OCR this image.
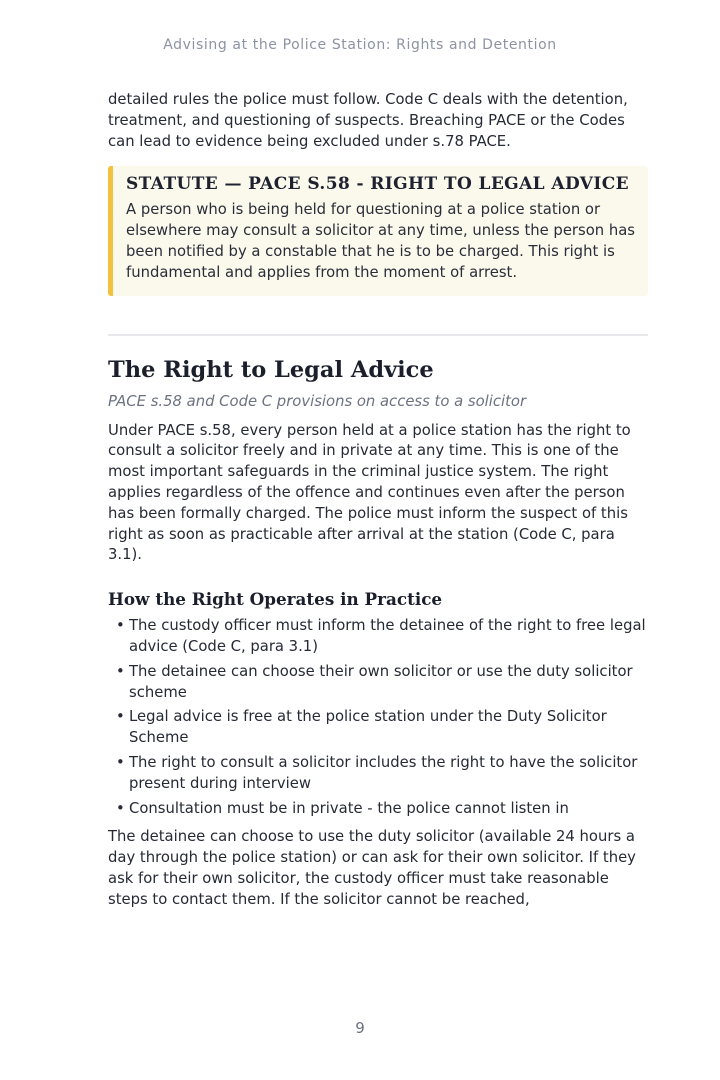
Advising at the Police Station: Rights and Detention

detailed rules the police must follow. Code C deals with the detention, treatment, and questioning of suspects. Breaching PACE or the Codes can lead to evidence being excluded under s.78 PACE.

STATUTE — PACE S.58 - RIGHT TO LEGAL ADVICE

A person who is being held for questioning at a police station or elsewhere may consult a solicitor at any time, unless the person has been notified by a constable that he is to be charged. This right is fundamental and applies from the moment of arrest.

The Right to Legal Advice
PACE s.58 and Code C provisions on access to a solicitor

Under PACE s.58, every person held at a police station has the right to consult a solicitor freely and in private at any time. This is one of the most important safeguards in the criminal justice system. The right applies regardless of the offence and continues even after the person has been formally charged. The police must inform the suspect of this right as soon as practicable after arrival at the station (Code C, para 3.1).

How the Right Operates in Practice
• The custody officer must inform the detainee of the right to free legal advice (Code C, para 3.1)
• The detainee can choose their own solicitor or use the duty solicitor scheme
• Legal advice is free at the police station under the Duty Solicitor Scheme
• The right to consult a solicitor includes the right to have the solicitor present during interview
• Consultation must be in private - the police cannot listen in

The detainee can choose to use the duty solicitor (available 24 hours a day through the police station) or can ask for their own solicitor. If they ask for their own solicitor, the custody officer must take reasonable steps to contact them. If the solicitor cannot be reached,

9
